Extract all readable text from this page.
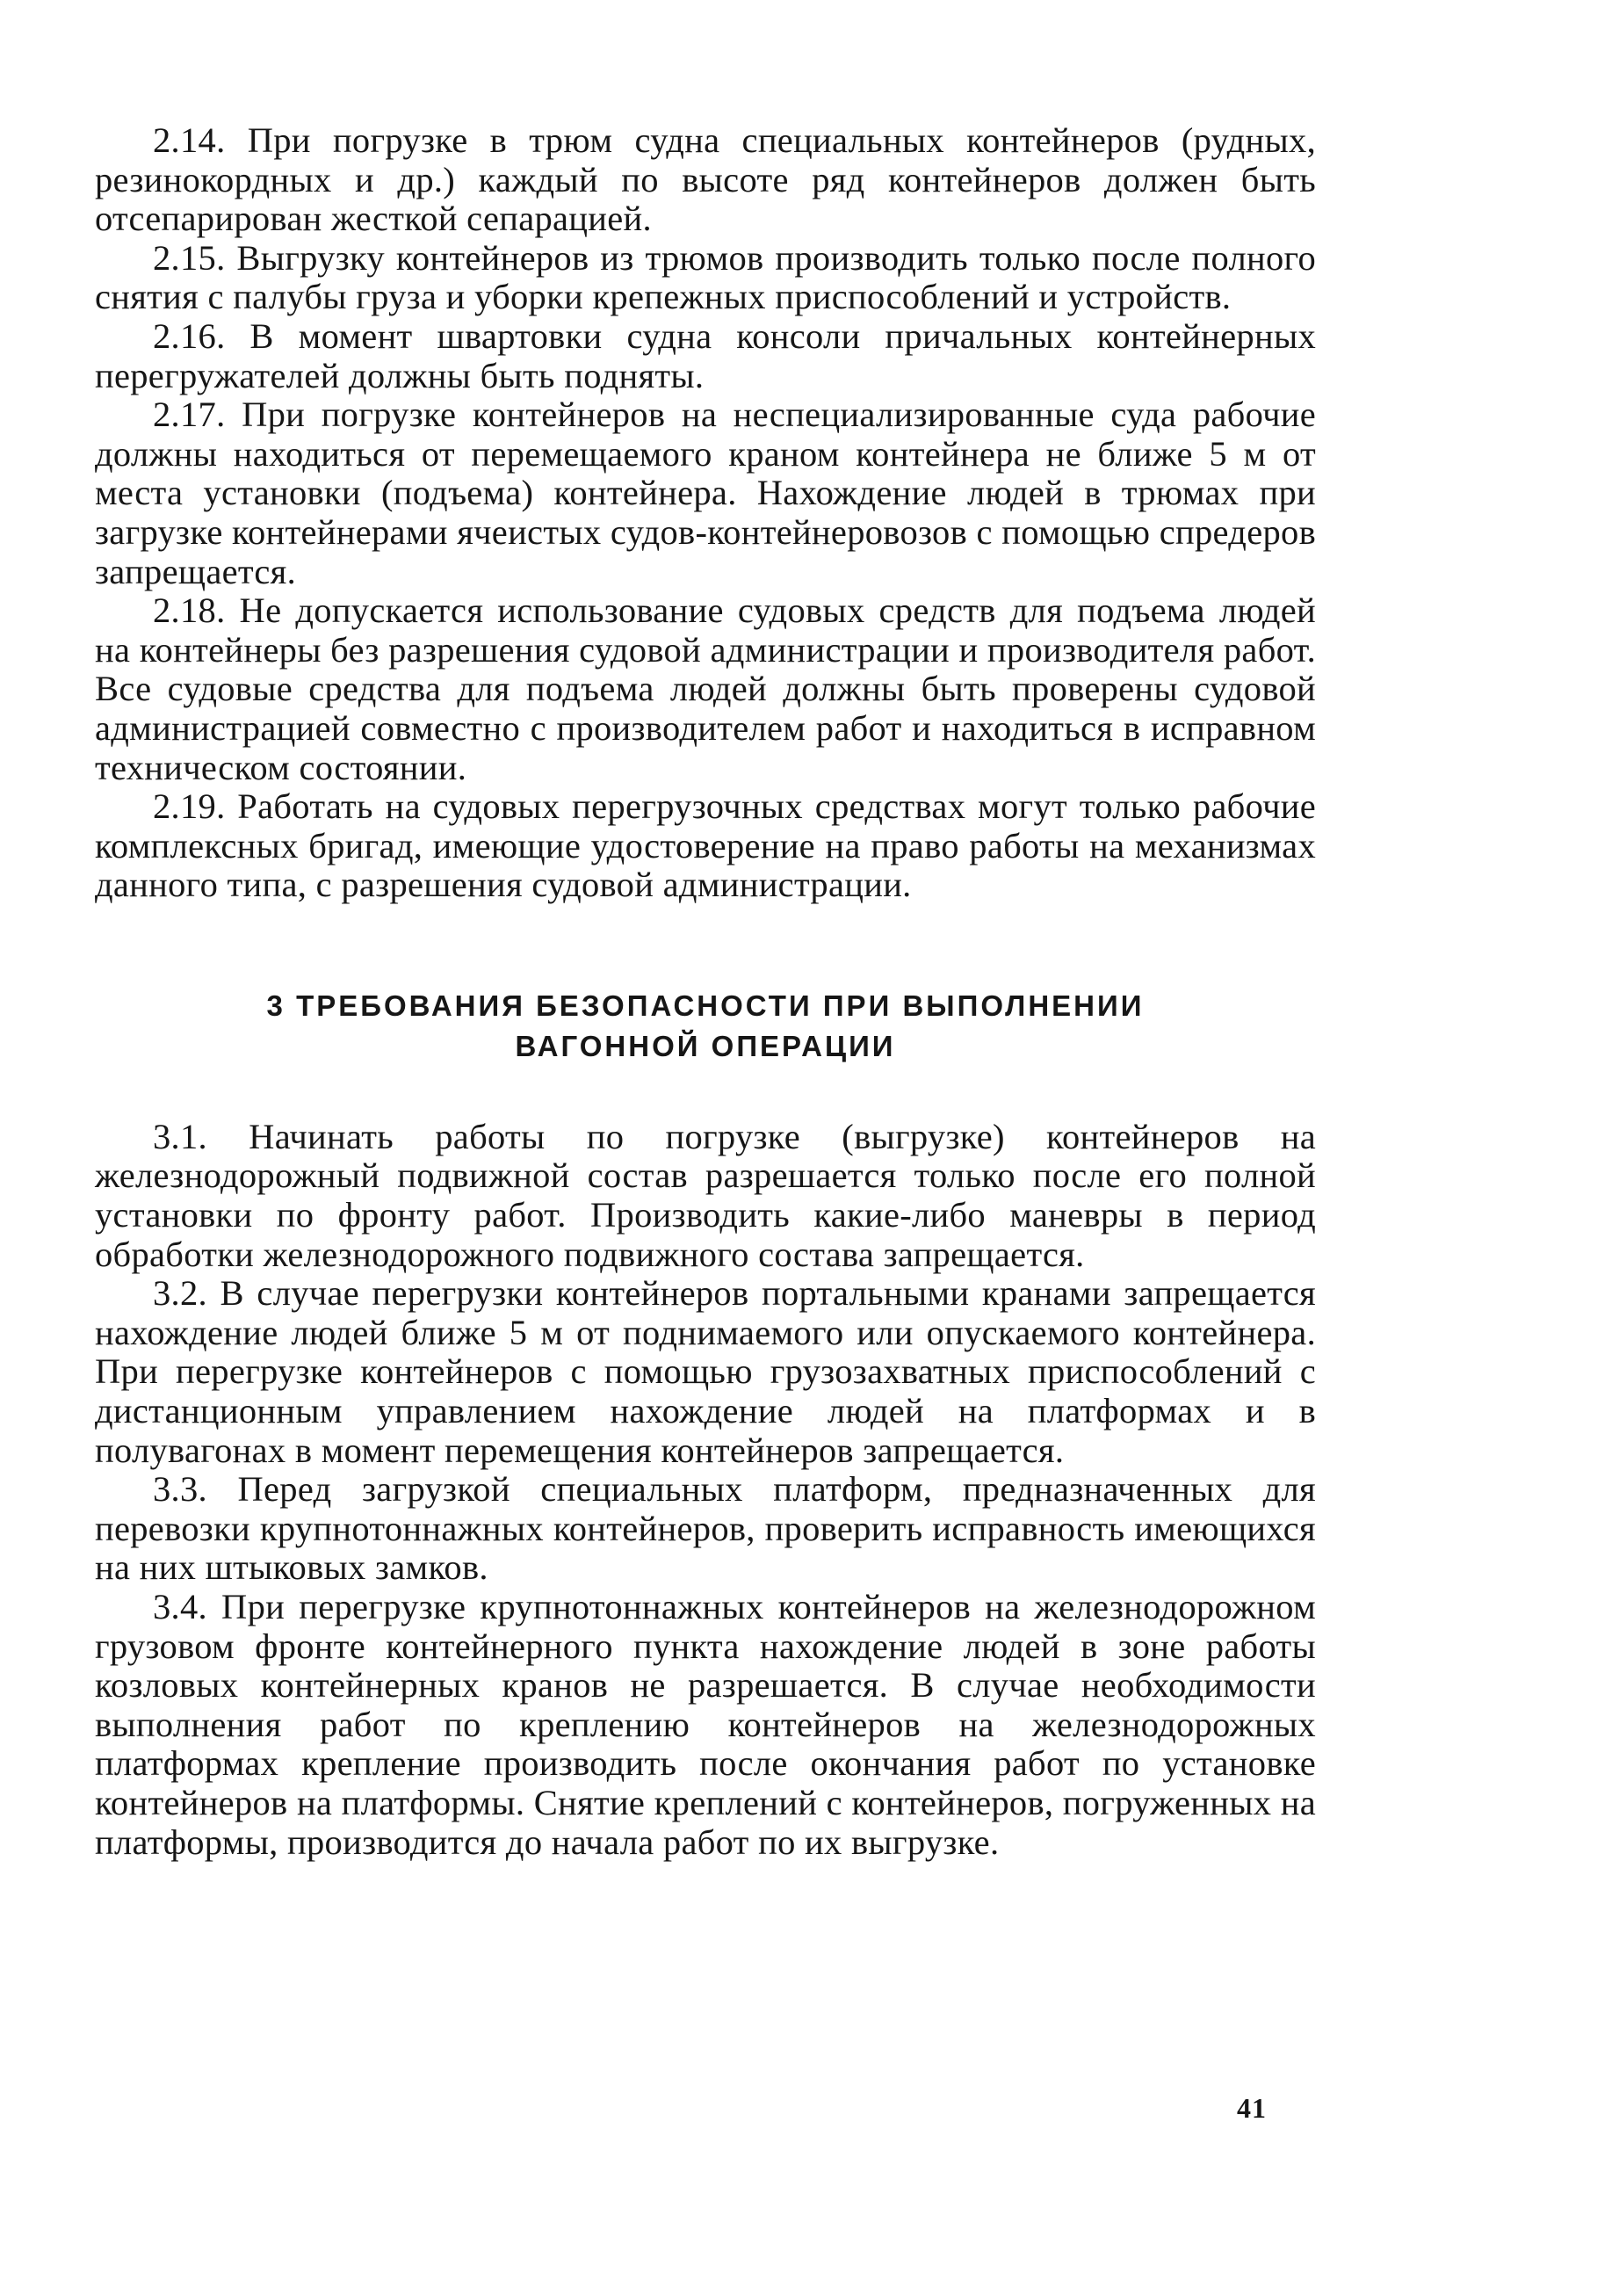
2.14. При погрузке в трюм судна специальных контейнеров (рудных, резинокордных и др.) каждый по высоте ряд контейнеров должен быть отсепарирован жесткой сепарацией.

2.15. Выгрузку контейнеров из трюмов производить только после полного снятия с палубы груза и уборки крепежных приспособлений и устройств.

2.16. В момент швартовки судна консоли причальных контейнерных перегружателей должны быть подняты.

2.17. При погрузке контейнеров на неспециализированные суда рабочие должны находиться от перемещаемого краном контейнера не ближе 5 м от места установки (подъема) контейнера. Нахождение людей в трюмах при загрузке контейнерами ячеистых судов-контейнеровозов с помощью спредеров запрещается.

2.18. Не допускается использование судовых средств для подъема людей на контейнеры без разрешения судовой администрации и производителя работ. Все судовые средства для подъема людей должны быть проверены судовой администрацией совместно с производителем работ и находиться в исправном техническом состоянии.

2.19. Работать на судовых перегрузочных средствах могут только рабочие комплексных бригад, имеющие удостоверение на право работы на механизмах данного типа, с разрешения судовой администрации.

3 ТРЕБОВАНИЯ БЕЗОПАСНОСТИ ПРИ ВЫПОЛНЕНИИ
ВАГОННОЙ ОПЕРАЦИИ

3.1. Начинать работы по погрузке (выгрузке) контейнеров на железнодорожный подвижной состав разрешается только после его полной установки по фронту работ. Производить какие-либо маневры в период обработки железнодорожного подвижного состава запрещается.

3.2. В случае перегрузки контейнеров портальными кранами запрещается нахождение людей ближе 5 м от поднимаемого или опускаемого контейнера. При перегрузке контейнеров с помощью грузозахватных приспособлений с дистанционным управлением нахождение людей на платформах и в полувагонах в момент перемещения контейнеров запрещается.

3.3. Перед загрузкой специальных платформ, предназначенных для перевозки крупнотоннажных контейнеров, проверить исправность имеющихся на них штыковых замков.

3.4. При перегрузке крупнотоннажных контейнеров на железнодорожном грузовом фронте контейнерного пункта нахождение людей в зоне работы козловых контейнерных кранов не разрешается. В случае необходимости выполнения работ по креплению контейнеров на железнодорожных платформах крепление производить после окончания работ по установке контейнеров на платформы. Снятие креплений с контейнеров, погруженных на платформы, производится до начала работ по их выгрузке.

41
